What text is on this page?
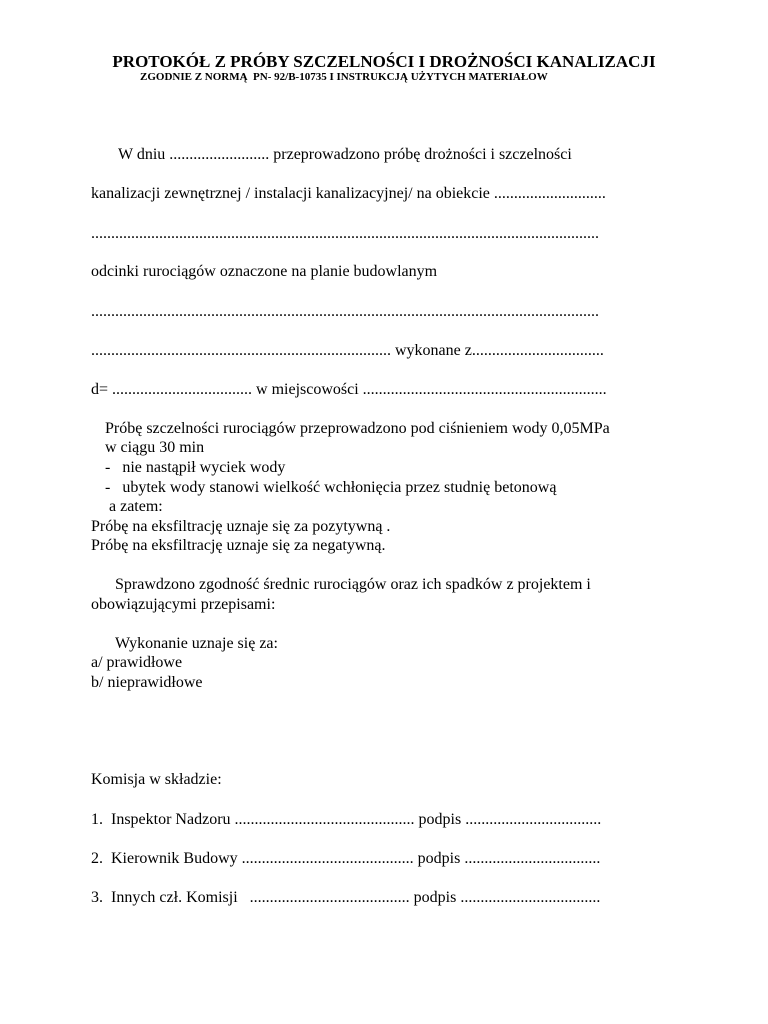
PROTOKÓŁ Z PRÓBY SZCZELNOŚCI I DROŻNOŚCI KANALIZACJI
ZGODNIE Z NORMĄ  PN- 92/B-10735 I INSTRUKCJĄ UŻYTYCH MATERIAŁOW
W dniu ......................... przeprowadzono próbę drożności i szczelności
kanalizacji zewnętrznej / instalacji kanalizacyjnej/ na obiekcie ............................
...............................................................................................................................
odcinki rurociągów oznaczone na planie budowlanym
...............................................................................................................................
........................................................................... wykonane z.................................
d= ................................... w miejscowości .............................................................
Próbę szczelności rurociągów przeprowadzono pod ciśnieniem wody 0,05MPa
w ciągu 30 min
-   nie nastąpił wyciek wody
-   ubytek wody stanowi wielkość wchłonięcia przez studnię betonową
a zatem:
Próbę na eksfiltrację uznaje się za pozytywną .
Próbę na eksfiltrację uznaje się za negatywną.
Sprawdzono zgodność średnic rurociągów oraz ich spadków z projektem i
obowiązującymi przepisami:
Wykonanie uznaje się za:
a/ prawidłowe
b/ nieprawidłowe
Komisja w składzie:
1.  Inspektor Nadzoru ............................................. podpis ..................................
2.  Kierownik Budowy ........................................... podpis ..................................
3.  Innych czł. Komisji   ........................................ podpis ...................................
